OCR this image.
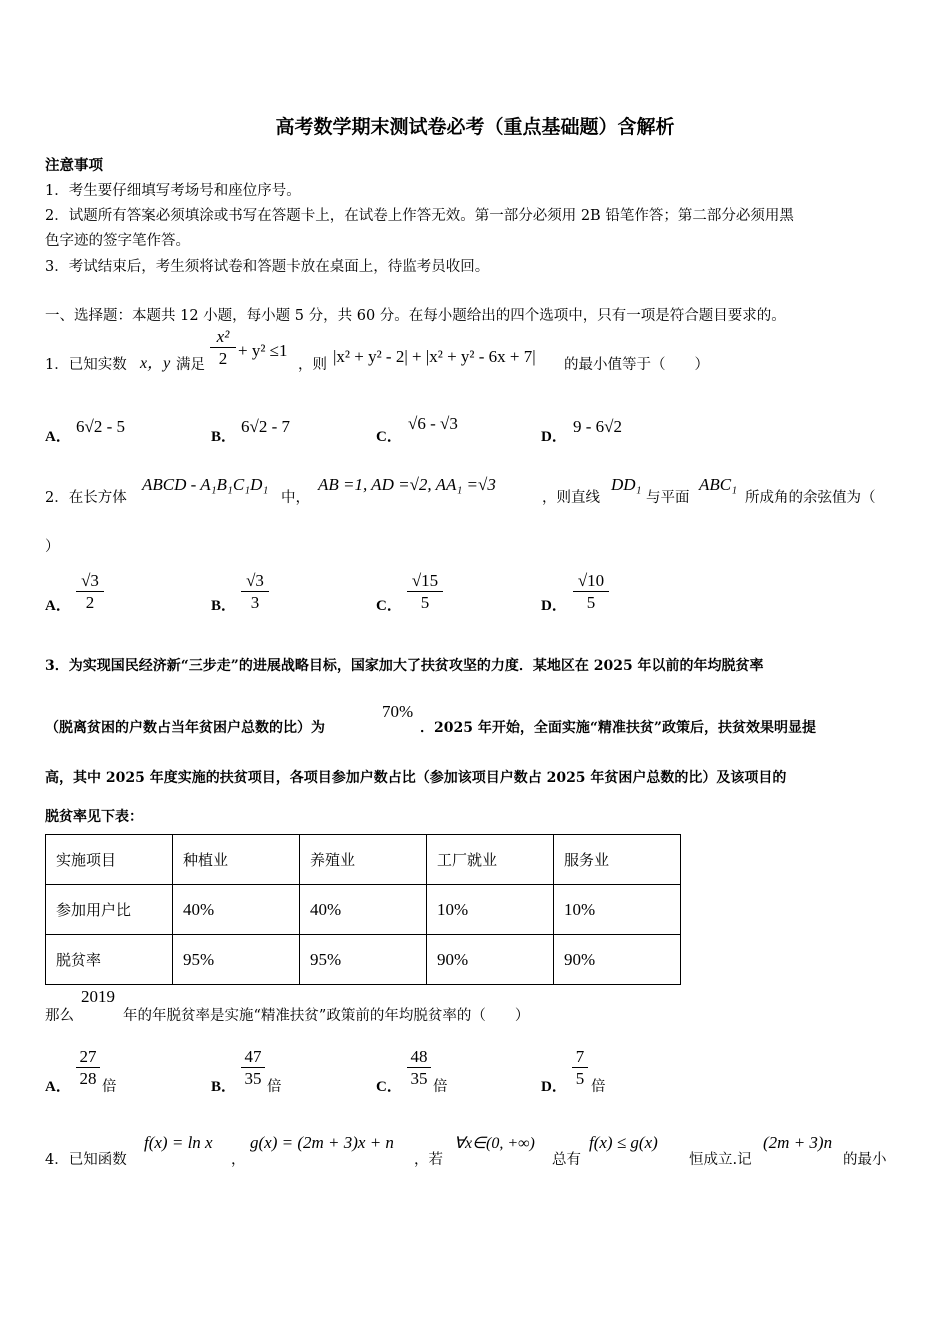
高考数学期末测试卷必考（重点基础题）含解析
注意事项
1．考生要仔细填写考场号和座位序号。
2．试题所有答案必须填涂或书写在答题卡上，在试卷上作答无效。第一部分必须用 2B 铅笔作答；第二部分必须用黑
色字迹的签字笔作答。
3．考试结束后，考生须将试卷和答题卡放在桌面上，待监考员收回。
一、选择题：本题共 12 小题，每小题 5 分，共 60 分。在每小题给出的四个选项中，只有一项是符合题目要求的。
1．已知实数 x，y 满足 $\frac{\text{x²}}{2} + y^2 \le 1$
，则 |x² + y² - 2| + |x² + y² - 6x + 7| 的最小值等于（　　）
A．
6√2 - 5
B．
6√2 - 7
C．
√6 - √3
D．
9 - 6√2
2．在长方体
ABCD - A₁B₁C₁D₁
中，
AB =1, AD =√2, AA₁ =√3
，则直线
DD₁
与平面
ABC₁
所成角的余弦值为（
）
A． $\frac{√3}{2}$	B． $\frac{√3}{3}$	C． $\frac{√15}{5}$	D． $\frac{√10}{5}$
3．为实现国民经济新“三步走”的进展战略目标，国家加大了扶贫攻坚的力度．某地区在 2025 年以前的年均脱贫率
（脱离贫困的户数占当年贫困户总数的比）为
70%
．2025 年开始，全面实施“精准扶贫”政策后，扶贫效果明显提
高，其中 2025 年度实施的扶贫项目，各项目参加户数占比（参加该项目户数占 2025 年贫困户总数的比）及该项目的
脱贫率见下表：
实施项目	种植业	养殖业	工厂就业	服务业
参加用户比	40%	40%	10%	10%
脱贫率	95%	95%	90%	90%
那么
2019
年的年脱贫率是实施“精准扶贫”政策前的年均脱贫率的（　　）
A． $\frac{27}{28}$ 倍	B． $\frac{47}{35}$ 倍	C． $\frac{48}{35}$ 倍	D． $\frac{7}{5}$ 倍
4．已知函数
f(x) = ln x
，
g(x) = (2m + 3)x + n
，若
∀x∈(0, +∞)
总有
f(x) ≤ g(x)
恒成立.记
(2m + 3)n
的最小
